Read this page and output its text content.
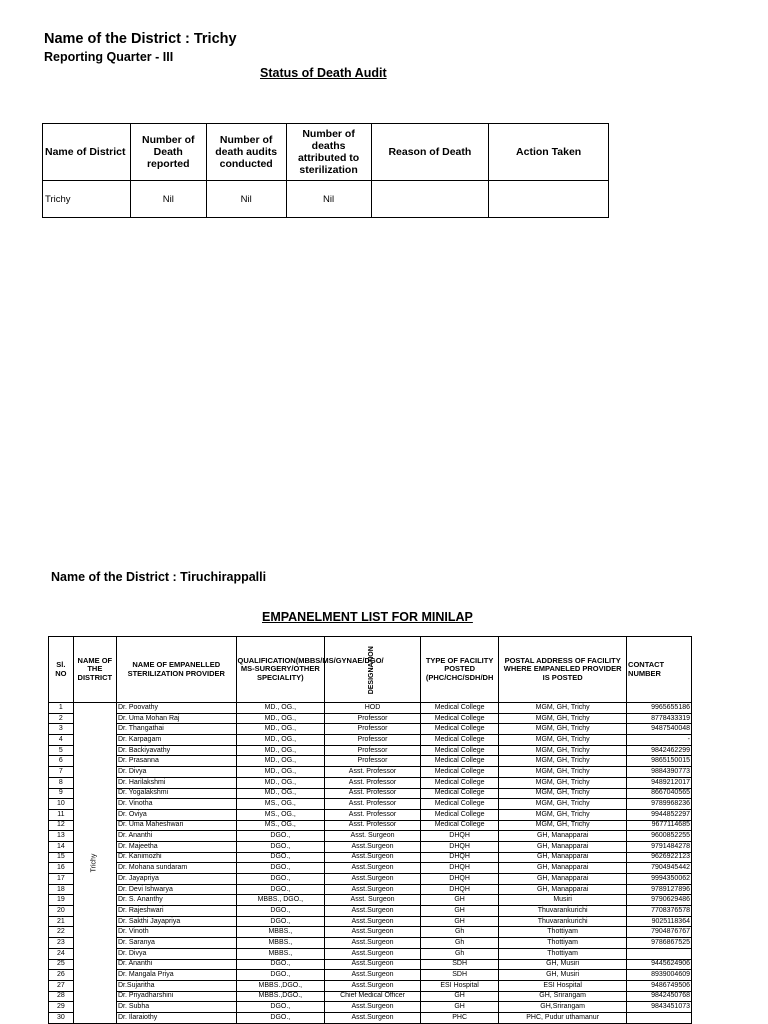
Name of the District : Trichy
Reporting Quarter - III
Status of Death Audit
Name of District	Number of Death reported	Number of death audits conducted	Number of deaths attributed to sterilization	Reason of Death	Action Taken
Trichy	Nil	Nil	Nil		
Name of the District : Tiruchirappalli
EMPANELMENT LIST FOR MINILAP
Sl. NO	NAME OF THE DISTRICT	NAME OF EMPANELLED STERILIZATION PROVIDER	QUALIFICATION(MBBS/MS/GYNAE/DGO/ MS-SURGERY/OTHER SPECIALITY)	DESIGNATION	TYPE OF FACILITY POSTED (PHC/CHC/SDH/DH	POSTAL ADDRESS OF FACILITY WHERE EMPANELED PROVIDER IS POSTED	CONTACT NUMBER
1	Trichy	Dr. Poovathy	MD., OG.,	HOD	Medical College	MGM, GH, Trichy	9965655186
2		Dr. Uma Mohan Raj	MD., OG.,	Professor	Medical College	MGM, GH, Trichy	8778433319
3		Dr. Thangathai	MD., OG.,	Professor	Medical College	MGM, GH, Trichy	9487540048
4		Dr. Karpagam	MD., OG.,	Professor	Medical College	MGM, GH, Trichy	-
5		Dr. Backiyavathy	MD., OG.,	Professor	Medical College	MGM, GH, Trichy	9842462299
6		Dr. Prasanna	MD., OG.,	Professor	Medical College	MGM, GH, Trichy	9865150015
7		Dr. Divya	MD., OG.,	Asst. Professor	Medical College	MGM, GH, Trichy	9884390773
8		Dr. Harilakshmi	MD., OG.,	Asst. Professor	Medical College	MGM, GH, Trichy	9489212017
9		Dr. Yogalakshmi	MD., OG.,	Asst. Professor	Medical College	MGM, GH, Trichy	8667040565
10		Dr. Vinotha	MS., OG.,	Asst. Professor	Medical College	MGM, GH, Trichy	9789968236
11		Dr. Oviya	MS., OG.,	Asst. Professor	Medical College	MGM, GH, Trichy	9944852297
12		Dr. Uma Maheshwari	MS., OG.,	Asst. Professor	Medical College	MGM, GH, Trichy	9677114685
13		Dr. Ananthi	DGO.,	Asst. Surgeon	DHQH	GH, Manapparai	9600852255
14		Dr. Majeetha	DGO.,	Asst.Surgeon	DHQH	GH, Manapparai	9791484278
15		Dr. Kanimozhi	DGO.,	Asst.Surgeon	DHQH	GH, Manapparai	9626922123
16		Dr. Mohana sundaram	DGO.,	Asst.Surgeon	DHQH	GH, Manapparai	7904945442
17		Dr. Jayapriya	DGO.,	Asst.Surgeon	DHQH	GH, Manapparai	9994350062
18		Dr. Devi Ishwarya	DGO.,	Asst.Surgeon	DHQH	GH, Manapparai	9789127896
19		Dr. S. Ananthy	MBBS., DGO.,	Asst. Surgeon	GH	Musiri	9790629486
20		Dr. Rajeshwari	DGO.,	Asst.Surgeon	GH	Thuvarankurichi	7708376578
21		Dr. Sakthi Jayapriya	DGO.,	Asst.Surgeon	GH	Thuvarankurichi	9025118364
22		Dr. Vinoth	MBBS.,	Asst.Surgeon	Gh	Thottiyam	7904876767
23		Dr. Saranya	MBBS.,	Asst.Surgeon	Gh	Thottiyam	9786867525
24		Dr. Divya	MBBS.,	Asst.Surgeon	Gh	Thottiyam	
25		Dr. Ananthi	DGO.,	Asst.Surgeon	SDH	GH, Musiri	9445624906
26		Dr. Mangala Priya	DGO.,	Asst.Surgeon	SDH	GH, Musiri	8939004609
27		Dr.Sujaritha	MBBS.,DGO.,	Asst.Surgeon	ESI Hospital	ESI Hospital	9486749506
28		Dr. Priyadharshini	MBBS.,DGO.,	Chief Medical Officer	GH	GH, Srirangam	9842450768
29		Dr. Subha	DGO.,	Asst.Surgeon	GH	GH,Srirangam	9843451073
30		Dr. Ilaraiothy	DGO.,	Asst.Surgeon	PHC	PHC, Pudur uthamanur	
